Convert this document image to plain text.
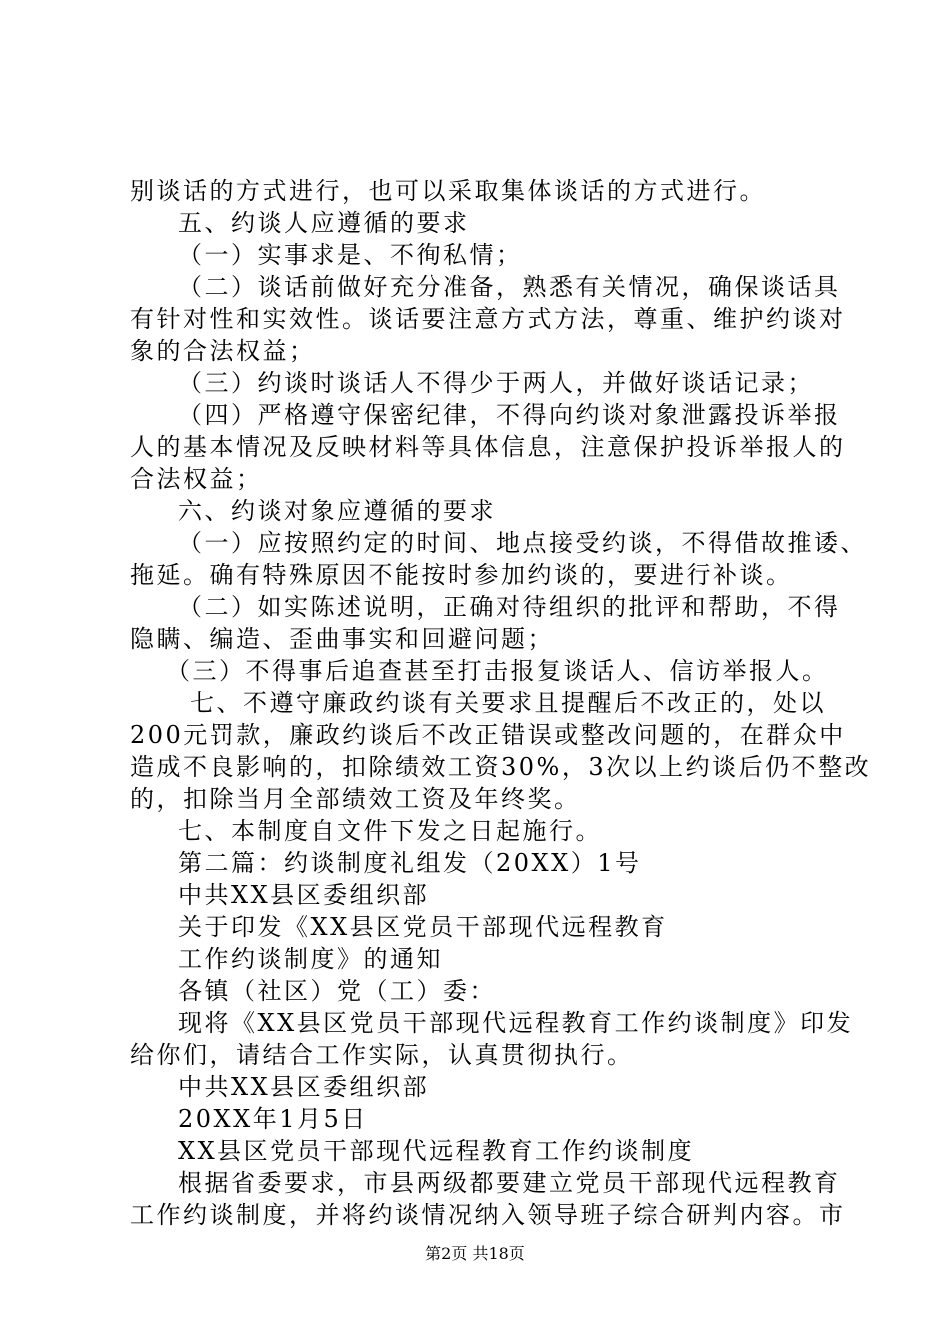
别谈话的方式进行，也可以采取集体谈话的方式进行。
五、约谈人应遵循的要求
（一）实事求是、不徇私情；
（二）谈话前做好充分准备，熟悉有关情况，确保谈话具
有针对性和实效性。谈话要注意方式方法，尊重、维护约谈对
象的合法权益；
（三）约谈时谈话人不得少于两人，并做好谈话记录；
（四）严格遵守保密纪律，不得向约谈对象泄露投诉举报
人的基本情况及反映材料等具体信息，注意保护投诉举报人的
合法权益；
六、约谈对象应遵循的要求
（一）应按照约定的时间、地点接受约谈，不得借故推诿、
拖延。确有特殊原因不能按时参加约谈的，要进行补谈。
（二）如实陈述说明，正确对待组织的批评和帮助，不得
隐瞒、编造、歪曲事实和回避问题；
（三）不得事后追查甚至打击报复谈话人、信访举报人。
七、不遵守廉政约谈有关要求且提醒后不改正的，处以
200元罚款，廉政约谈后不改正错误或整改问题的，在群众中
造成不良影响的，扣除绩效工资30%，3次以上约谈后仍不整改
的，扣除当月全部绩效工资及年终奖。
七、本制度自文件下发之日起施行。
第二篇：约谈制度礼组发（20XX）1号
中共XX县区委组织部
关于印发《XX县区党员干部现代远程教育
工作约谈制度》的通知
各镇（社区）党（工）委：
现将《XX县区党员干部现代远程教育工作约谈制度》印发
给你们，请结合工作实际，认真贯彻执行。
中共XX县区委组织部
20XX年1月5日
XX县区党员干部现代远程教育工作约谈制度
根据省委要求，市县两级都要建立党员干部现代远程教育
工作约谈制度，并将约谈情况纳入领导班子综合研判内容。市
第2页 共18页
